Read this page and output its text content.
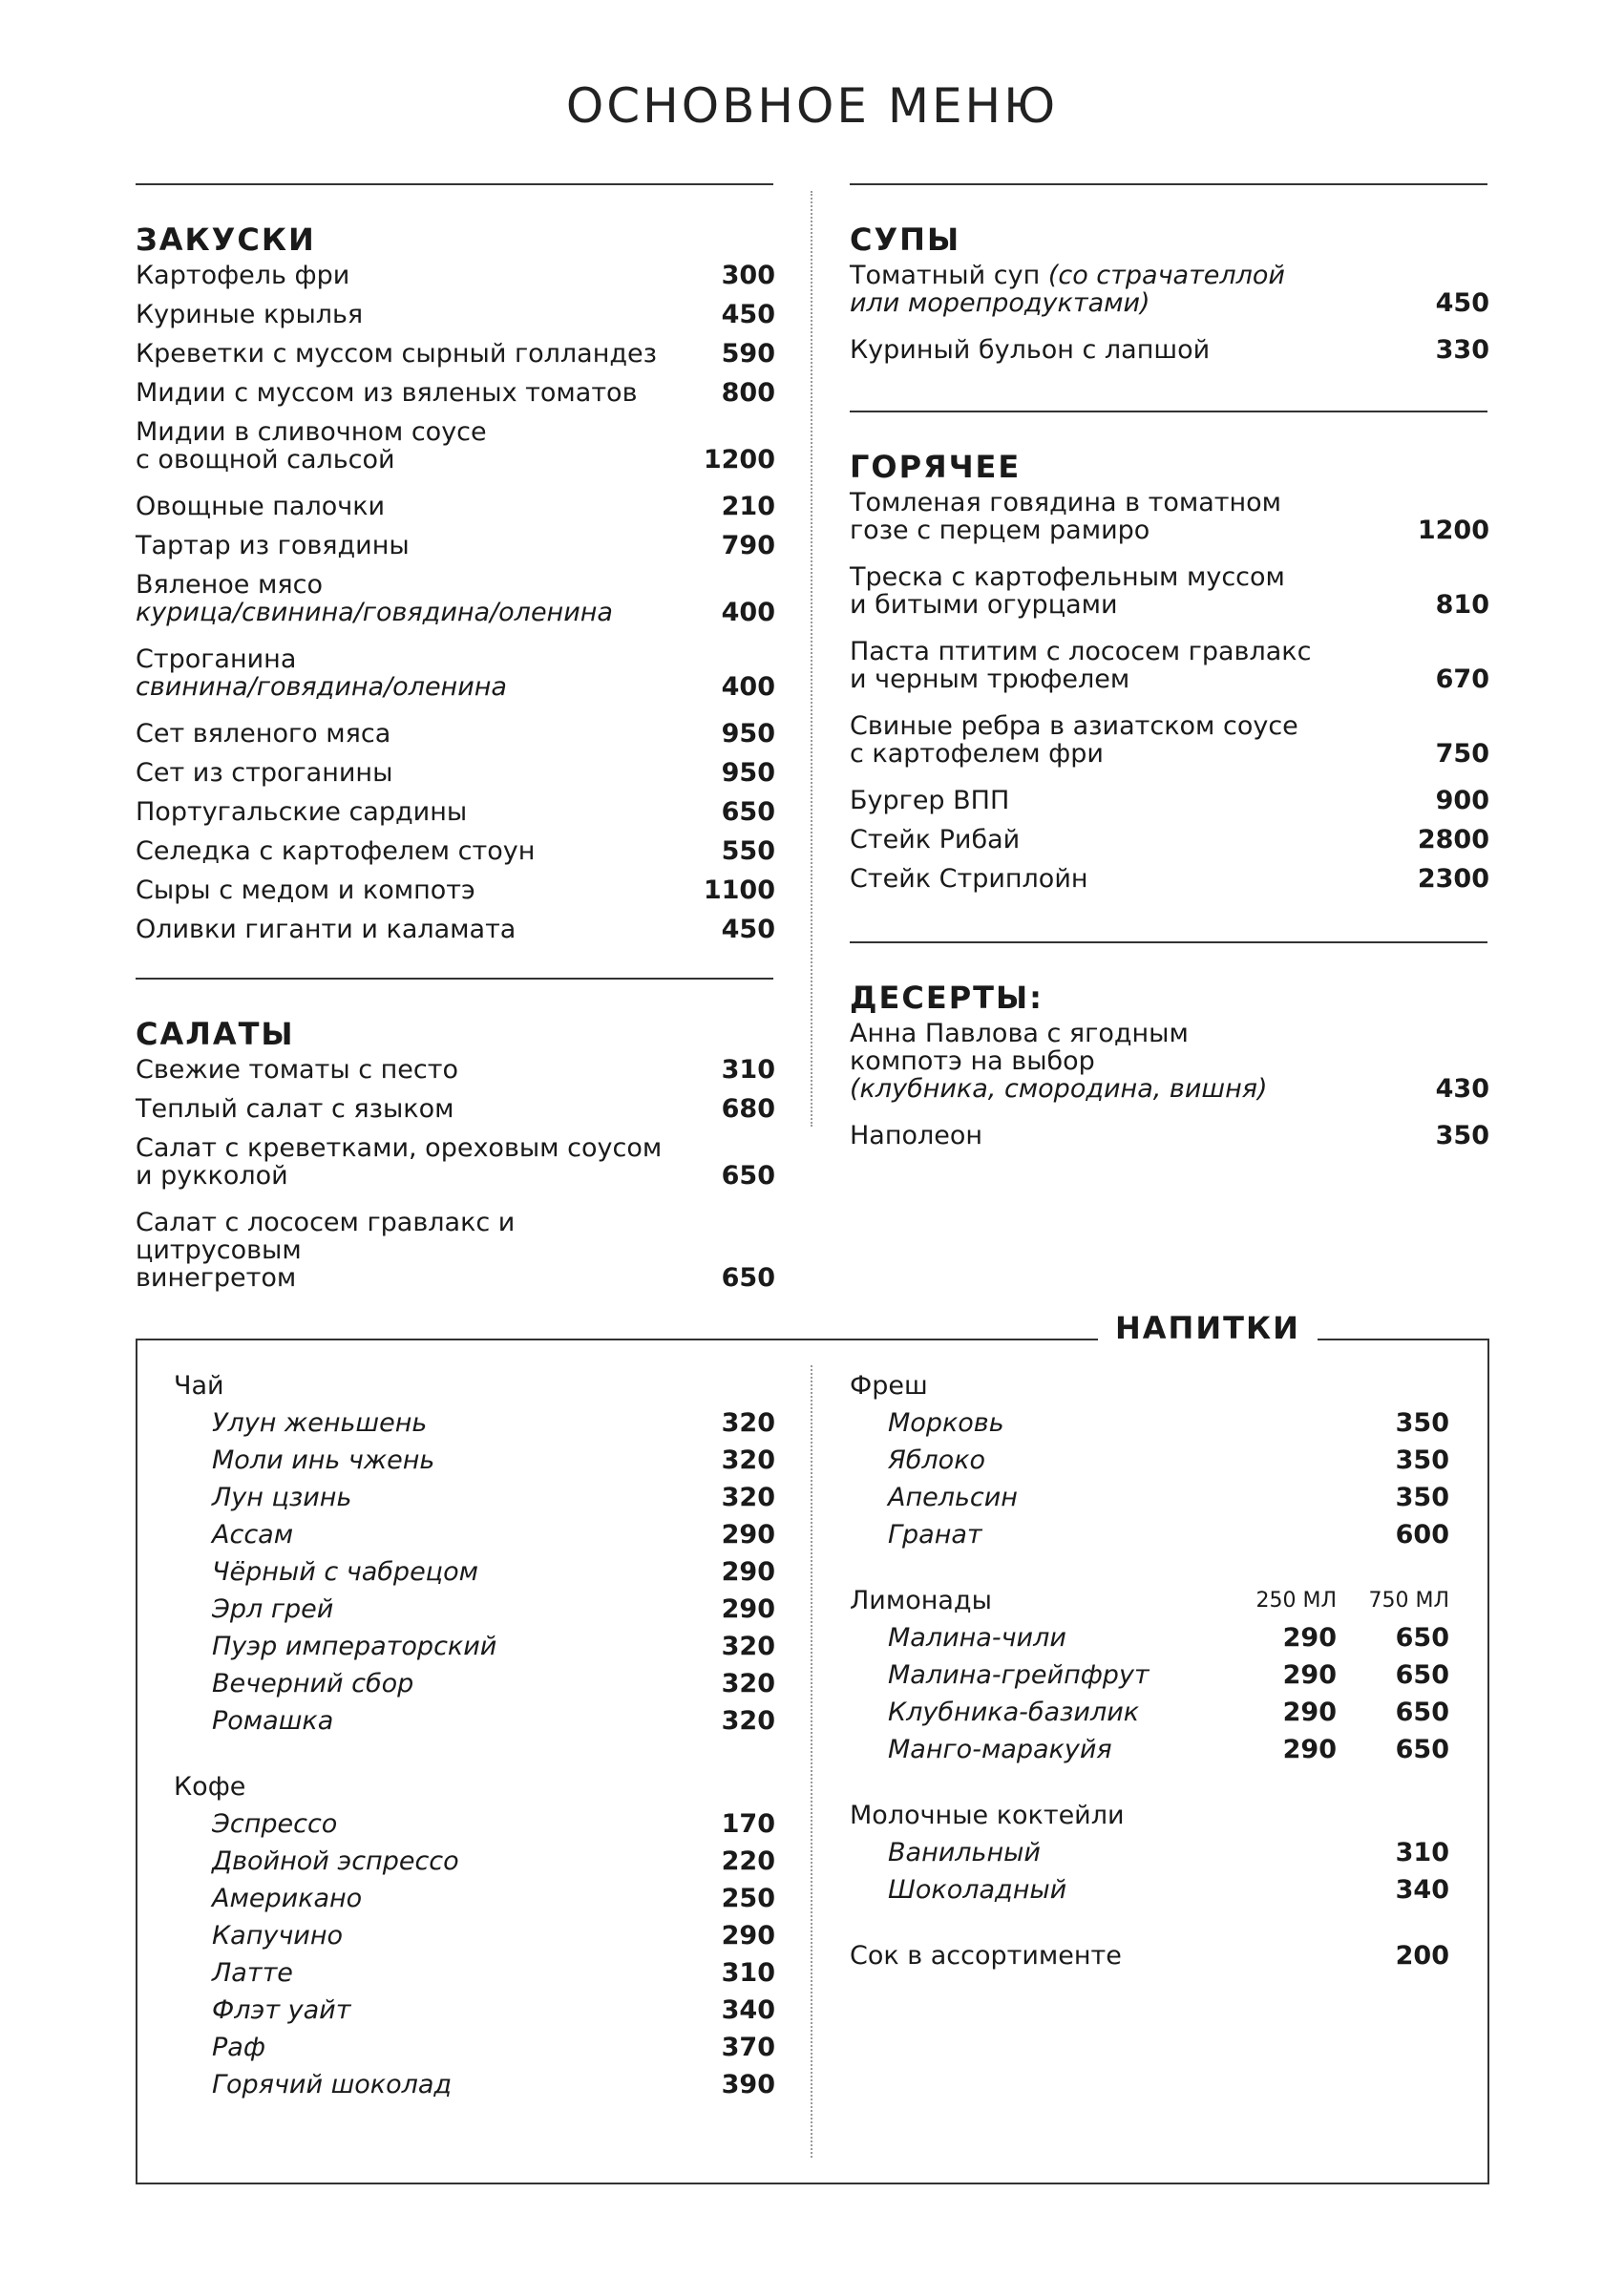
ОСНОВНОЕ МЕНЮ
ЗАКУСКИ
Картофель фри	300
Куриные крылья	450
Креветки с муссом сырный голландез	590
Мидии с муссом из вяленых томатов	800
Мидии в сливочном соусе
с овощной сальсой	1200
Овощные палочки	210
Тартар из говядины	790
Вяленое мясо
курица/свинина/говядина/оленина	400
Строганина
свинина/говядина/оленина	400
Сет вяленого мяса	950
Сет из строганины	950
Португальские сардины	650
Селедка с картофелем стоун	550
Сыры с медом и компотэ	1100
Оливки гиганти и каламата	450
САЛАТЫ
Свежие томаты с песто	310
Теплый салат с языком	680
Салат с креветками, ореховым соусом
и рукколой	650
Салат с лососем гравлакс и цитрусовым
винегретом	650
СУПЫ
Томатный суп (со страчателлой
или морепродуктами)	450
Куриный бульон с лапшой	330
ГОРЯЧЕЕ
Томленая говядина в томатном
гозе с перцем рамиро	1200
Треска с картофельным муссом
и битыми огурцами	810
Паста птитим с лососем гравлакс
и черным трюфелем	670
Свиные ребра в азиатском соусе
с картофелем фри	750
Бургер ВПП	900
Стейк Рибай	2800
Стейк Стриплойн	2300
ДЕСЕРТЫ:
Анна Павлова с ягодным
компотэ на выбор
(клубника, смородина, вишня)	430
Наполеон	350
НАПИТКИ
Чай
Улун женьшень	320
Моли инь чжень	320
Лун цзинь	320
Ассам	290
Чёрный с чабрецом	290
Эрл грей	290
Пуэр императорский	320
Вечерний сбор	320
Ромашка	320
Кофе
Эспрессо	170
Двойной эспрессо	220
Американо	250
Капучино	290
Латте	310
Флэт уайт	340
Раф	370
Горячий шоколад	390
Фреш
Морковь	350
Яблоко	350
Апельсин	350
Гранат	600
Лимонады	250 МЛ	750 МЛ
Малина-чили	290	650
Малина-грейпфрут	290	650
Клубника-базилик	290	650
Манго-маракуйя	290	650
Молочные коктейли
Ванильный	310
Шоколадный	340
Сок в ассортименте	200
